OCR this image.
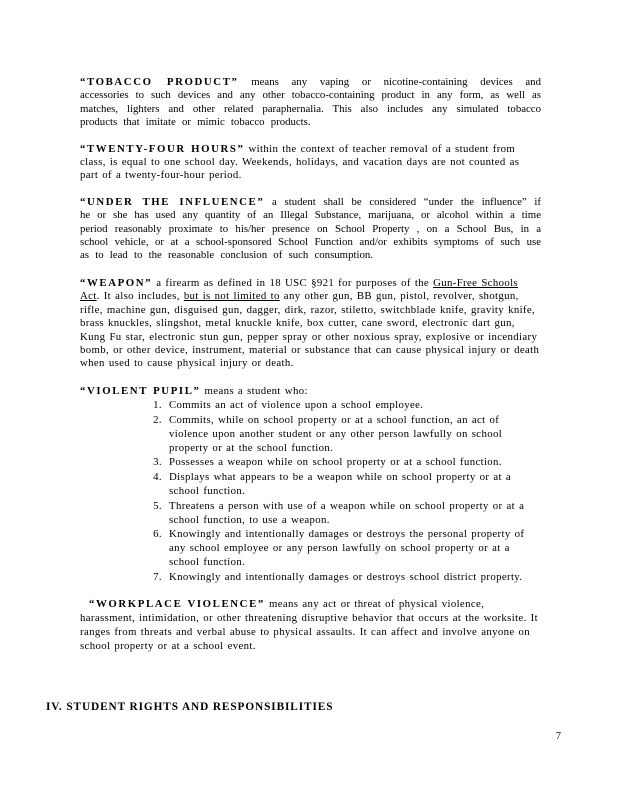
“TOBACCO PRODUCT” means any vaping or nicotine-containing devices and accessories to such devices and any other tobacco-containing product in any form, as well as matches, lighters and other related paraphernalia. This also includes any simulated tobacco products that imitate or mimic tobacco products.

“TWENTY-FOUR HOURS” within the context of teacher removal of a student from class, is equal to one school day. Weekends, holidays, and vacation days are not counted as part of a twenty-four-hour period.

“UNDER THE INFLUENCE” a student shall be considered “under the influence” if he or she has used any quantity of an Illegal Substance, marijuana, or alcohol within a time period reasonably proximate to his/her presence on School Property , on a School Bus, in a school vehicle, or at a school-sponsored School Function and/or exhibits symptoms of such use as to lead to the reasonable conclusion of such consumption.

“WEAPON” a firearm as defined in 18 USC §921 for purposes of the Gun-Free Schools Act. It also includes, but is not limited to any other gun, BB gun, pistol, revolver, shotgun, rifle, machine gun, disguised gun, dagger, dirk, razor, stiletto, switchblade knife, gravity knife, brass knuckles, slingshot, metal knuckle knife, box cutter, cane sword, electronic dart gun, Kung Fu star, electronic stun gun, pepper spray or other noxious spray, explosive or incendiary bomb, or other device, instrument, material or substance that can cause physical injury or death when used to cause physical injury or death.

“VIOLENT PUPIL” means a student who:

1. Commits an act of violence upon a school employee.
2. Commits, while on school property or at a school function, an act of violence upon another student or any other person lawfully on school property or at the school function.
3. Possesses a weapon while on school property or at a school function.
4. Displays what appears to be a weapon while on school property or at a school function.
5. Threatens a person with use of a weapon while on school property or at a school function, to use a weapon.
6. Knowingly and intentionally damages or destroys the personal property of any school employee or any person lawfully on school property or at a school function.
7. Knowingly and intentionally damages or destroys school district property.

“WORKPLACE VIOLENCE” means any act or threat of physical violence, harassment, intimidation, or other threatening disruptive behavior that occurs at the worksite. It ranges from threats and verbal abuse to physical assaults. It can affect and involve anyone on school property or at a school event.

IV. STUDENT RIGHTS AND RESPONSIBILITIES
7
